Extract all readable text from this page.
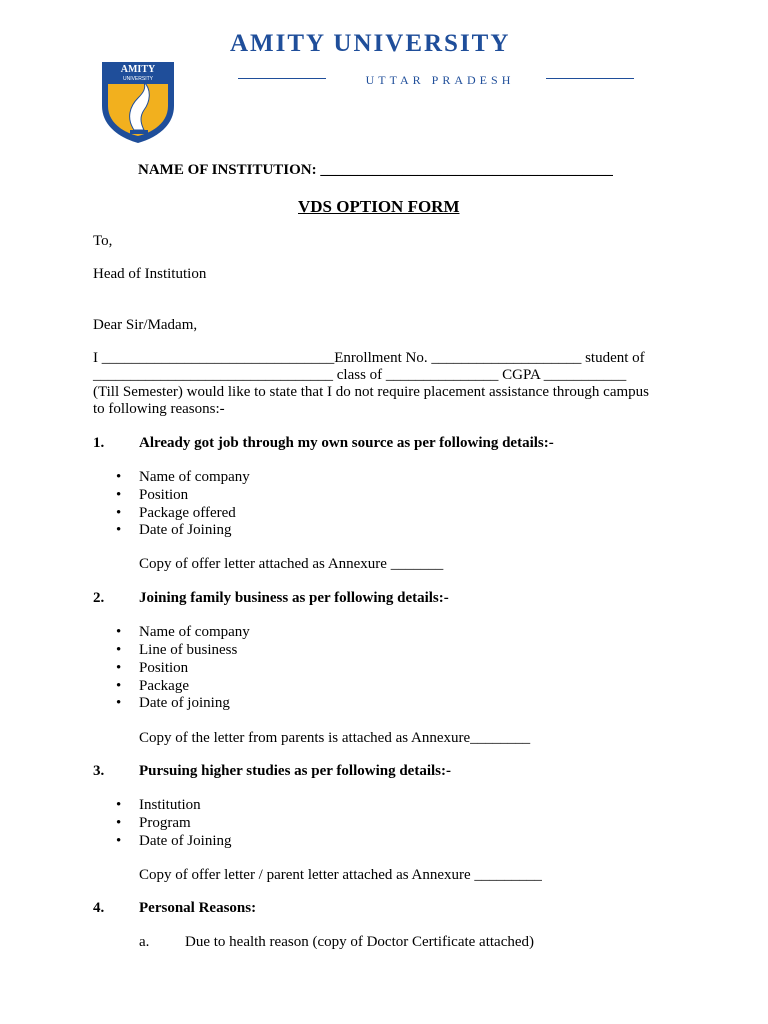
AMITY
UNIVERSITY
AMITY UNIVERSITY
UTTAR PRADESH
NAME OF INSTITUTION: _______________________________________
VDS OPTION FORM
To,
Head of Institution
Dear Sir/Madam,
I _______________________________Enrollment No. ____________________ student of
________________________________ class of _______________ CGPA ___________
(Till Semester) would like to state that I do not require placement assistance through campus
to following reasons:-
1. Already got job through my own source as per following details:-
• Name of company
• Position
• Package offered
• Date of Joining
Copy of offer letter attached as Annexure _______
2. Joining family business as per following details:-
• Name of company
• Line of business
• Position
• Package
• Date of joining
Copy of the letter from parents is attached as Annexure________
3. Pursuing higher studies as per following details:-
• Institution
• Program
• Date of Joining
Copy of offer letter / parent letter attached as Annexure _________
4. Personal Reasons:
a. Due to health reason (copy of Doctor Certificate attached)
